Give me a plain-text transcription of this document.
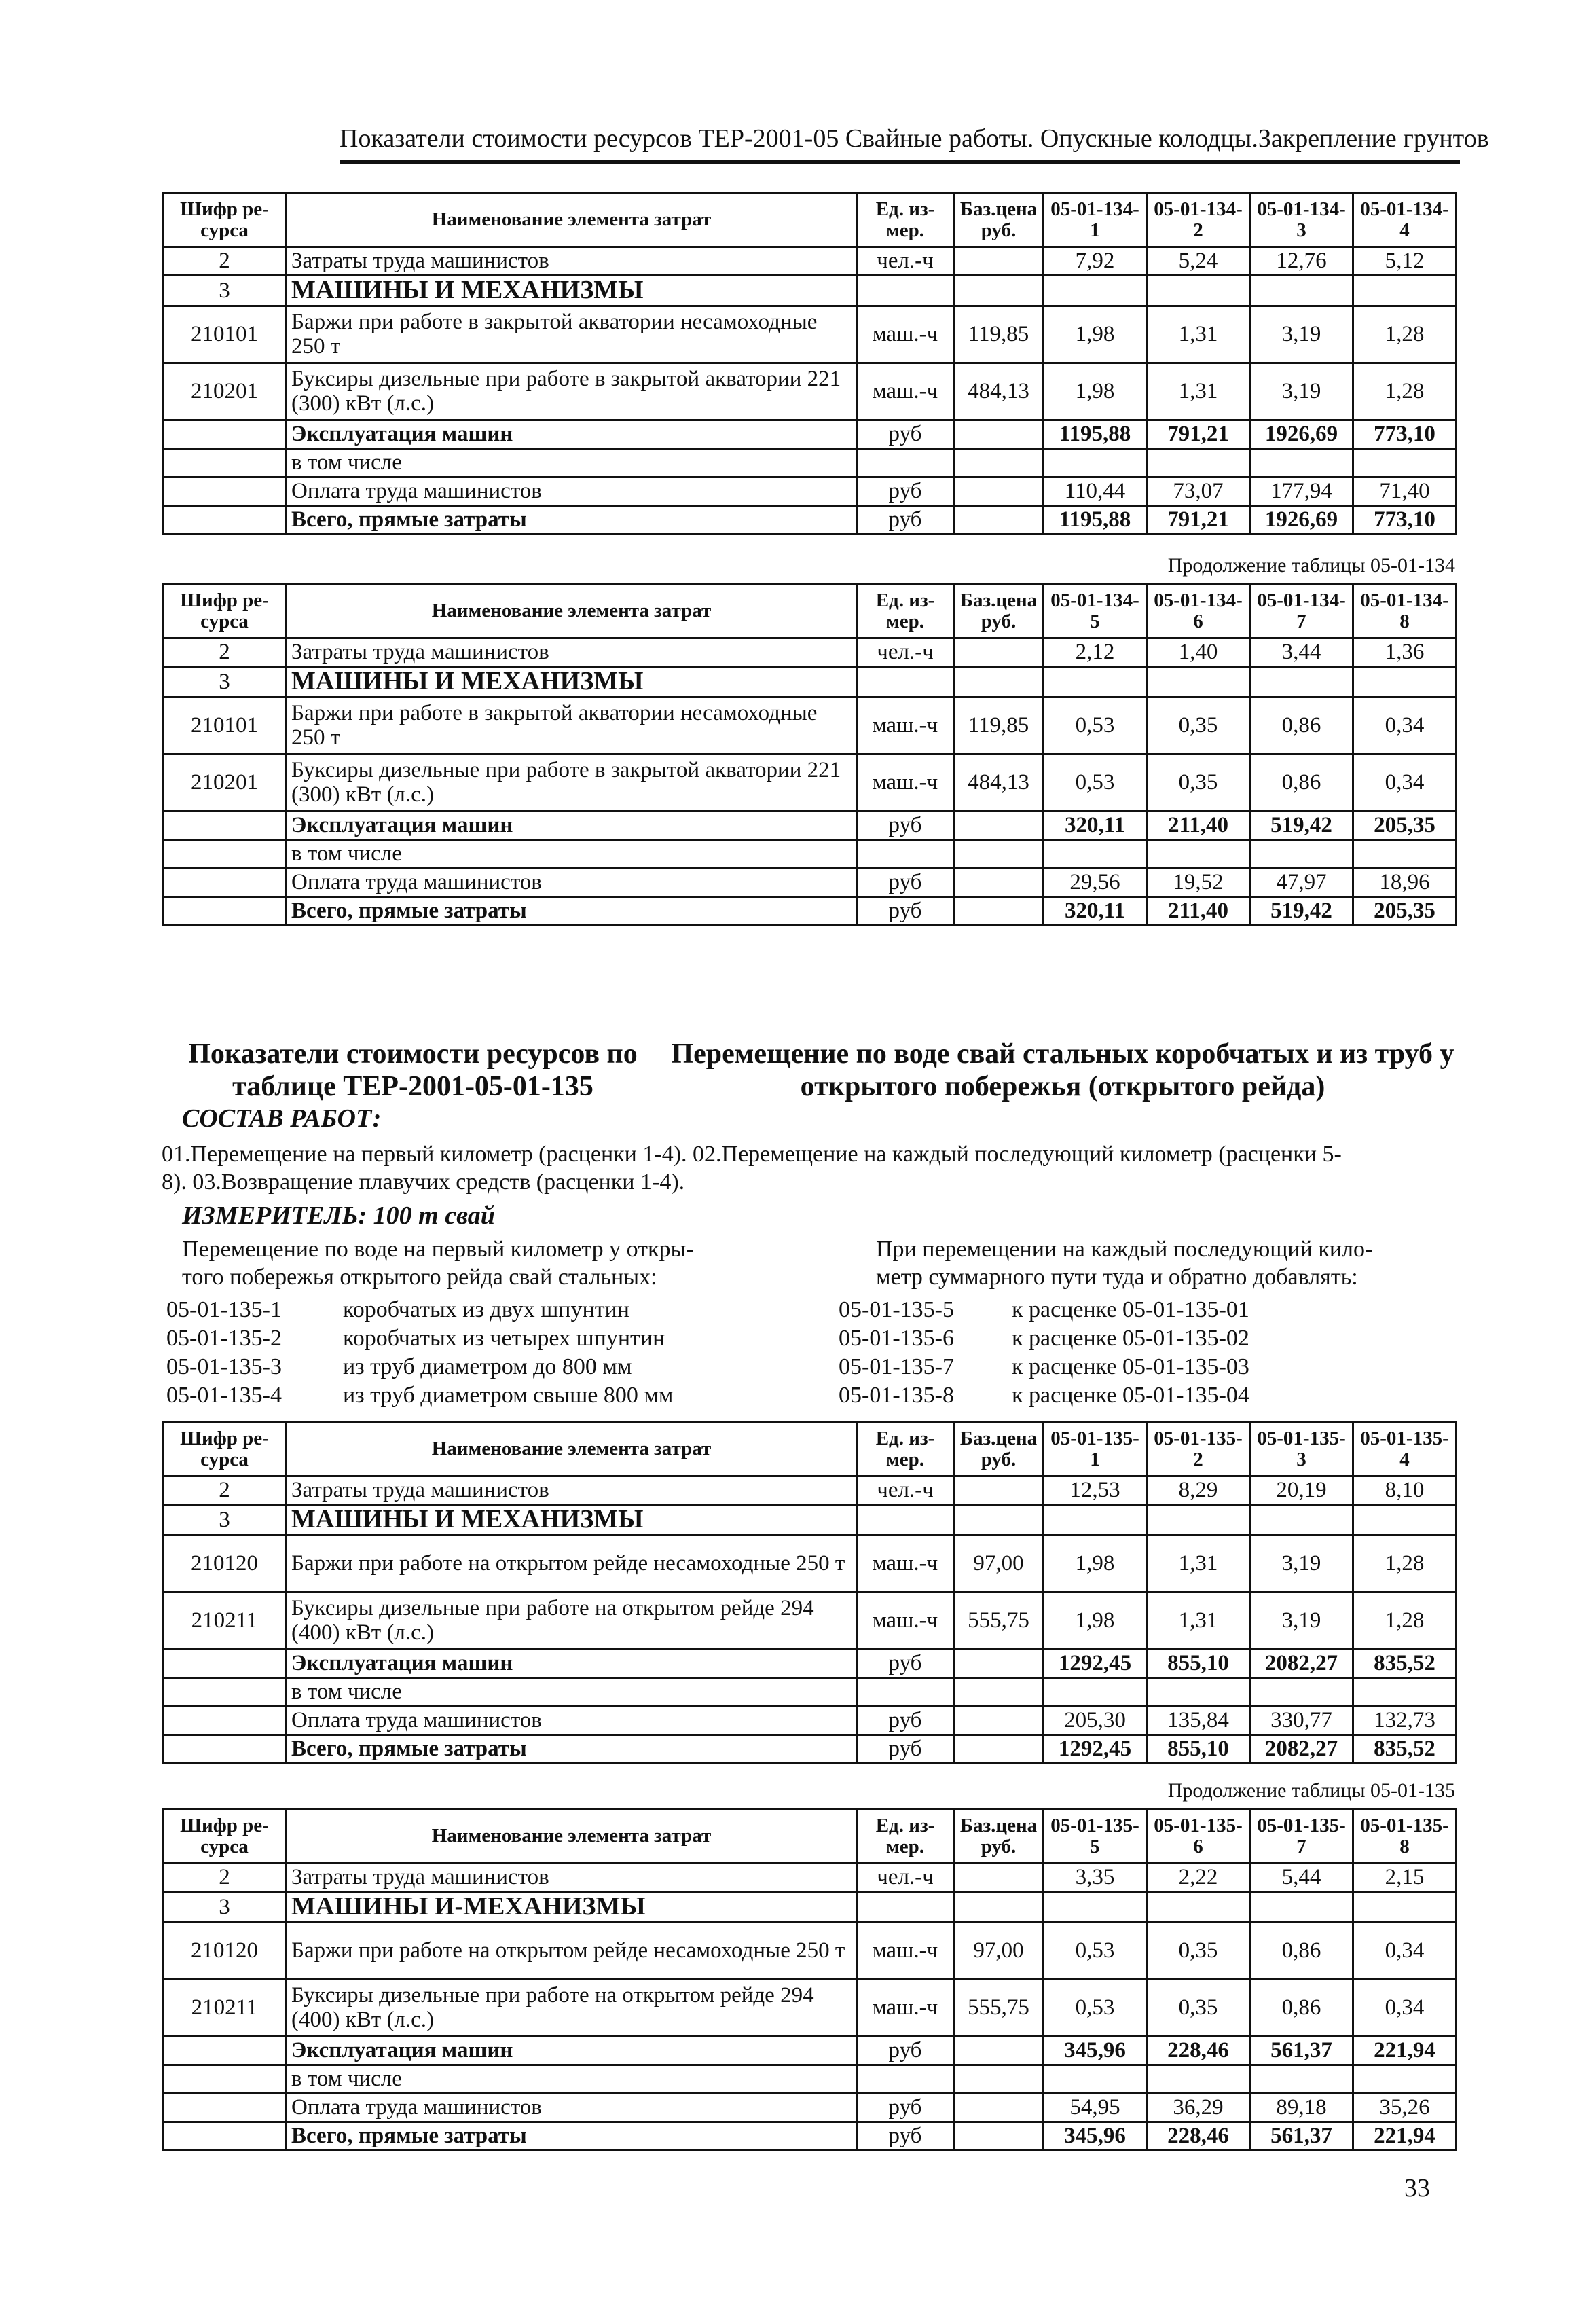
Показатели стоимости ресурсов ТЕР-2001-05 Свайные работы. Опускные колодцы.Закрепление грунтов
Шифр ре-сурса	Наименование элемента затрат	Ед. из-мер.	Баз.цена руб.	05-01-134-1	05-01-134-2	05-01-134-3	05-01-134-4
2	Затраты труда машинистов	чел.-ч		7,92	5,24	12,76	5,12
3	МАШИНЫ И МЕХАНИЗМЫ						
210101	Баржи при работе в закрытой акватории несамоходные 250 т	маш.-ч	119,85	1,98	1,31	3,19	1,28
210201	Буксиры дизельные при работе в закрытой акватории 221 (300) кВт (л.с.)	маш.-ч	484,13	1,98	1,31	3,19	1,28
	Эксплуатация машин	руб		1195,88	791,21	1926,69	773,10
	в том числе						
	Оплата труда машинистов	руб		110,44	73,07	177,94	71,40
	Всего, прямые затраты	руб		1195,88	791,21	1926,69	773,10
Продолжение таблицы 05-01-134
Шифр ре-сурса	Наименование элемента затрат	Ед. из-мер.	Баз.цена руб.	05-01-134-5	05-01-134-6	05-01-134-7	05-01-134-8
2	Затраты труда машинистов	чел.-ч		2,12	1,40	3,44	1,36
3	МАШИНЫ И МЕХАНИЗМЫ						
210101	Баржи при работе в закрытой акватории несамоходные 250 т	маш.-ч	119,85	0,53	0,35	0,86	0,34
210201	Буксиры дизельные при работе в закрытой акватории 221 (300) кВт (л.с.)	маш.-ч	484,13	0,53	0,35	0,86	0,34
	Эксплуатация машин	руб		320,11	211,40	519,42	205,35
	в том числе						
	Оплата труда машинистов	руб		29,56	19,52	47,97	18,96
	Всего, прямые затраты	руб		320,11	211,40	519,42	205,35
Показатели стоимости ресурсов по
таблице ТЕР-2001-05-01-135
Перемещение по воде свай стальных коробчатых и из труб у
открытого побережья (открытого рейда)
СОСТАВ РАБОТ:
01.Перемещение на первый километр (расценки 1-4). 02.Перемещение на каждый последующий километр (расценки 5-
8). 03.Возвращение плавучих средств (расценки 1-4).
ИЗМЕРИТЕЛЬ: 100 т свай
Перемещение по воде на первый километр у откры-
того побережья открытого рейда свай стальных:
При перемещении на каждый последующий кило-
метр суммарного пути туда и обратно добавлять:
05-01-135-1	коробчатых из двух шпунтин
05-01-135-2	коробчатых из четырех шпунтин
05-01-135-3	из труб диаметром до 800 мм
05-01-135-4	из труб диаметром свыше 800 мм
05-01-135-5	к расценке 05-01-135-01
05-01-135-6	к расценке 05-01-135-02
05-01-135-7	к расценке 05-01-135-03
05-01-135-8	к расценке 05-01-135-04
Шифр ре-сурса	Наименование элемента затрат	Ед. из-мер.	Баз.цена руб.	05-01-135-1	05-01-135-2	05-01-135-3	05-01-135-4
2	Затраты труда машинистов	чел.-ч		12,53	8,29	20,19	8,10
3	МАШИНЫ И МЕХАНИЗМЫ						
210120	Баржи при работе на открытом рейде несамоходные 250 т	маш.-ч	97,00	1,98	1,31	3,19	1,28
210211	Буксиры дизельные при работе на открытом рейде 294 (400) кВт (л.с.)	маш.-ч	555,75	1,98	1,31	3,19	1,28
	Эксплуатация машин	руб		1292,45	855,10	2082,27	835,52
	в том числе						
	Оплата труда машинистов	руб		205,30	135,84	330,77	132,73
	Всего, прямые затраты	руб		1292,45	855,10	2082,27	835,52
Продолжение таблицы 05-01-135
Шифр ре-сурса	Наименование элемента затрат	Ед. из-мер.	Баз.цена руб.	05-01-135-5	05-01-135-6	05-01-135-7	05-01-135-8
2	Затраты труда машинистов	чел.-ч		3,35	2,22	5,44	2,15
3	МАШИНЫ И-МЕХАНИЗМЫ						
210120	Баржи при работе на открытом рейде несамоходные 250 т	маш.-ч	97,00	0,53	0,35	0,86	0,34
210211	Буксиры дизельные при работе на открытом рейде 294 (400) кВт (л.с.)	маш.-ч	555,75	0,53	0,35	0,86	0,34
	Эксплуатация машин	руб		345,96	228,46	561,37	221,94
	в том числе						
	Оплата труда машинистов	руб		54,95	36,29	89,18	35,26
	Всего, прямые затраты	руб		345,96	228,46	561,37	221,94
33
